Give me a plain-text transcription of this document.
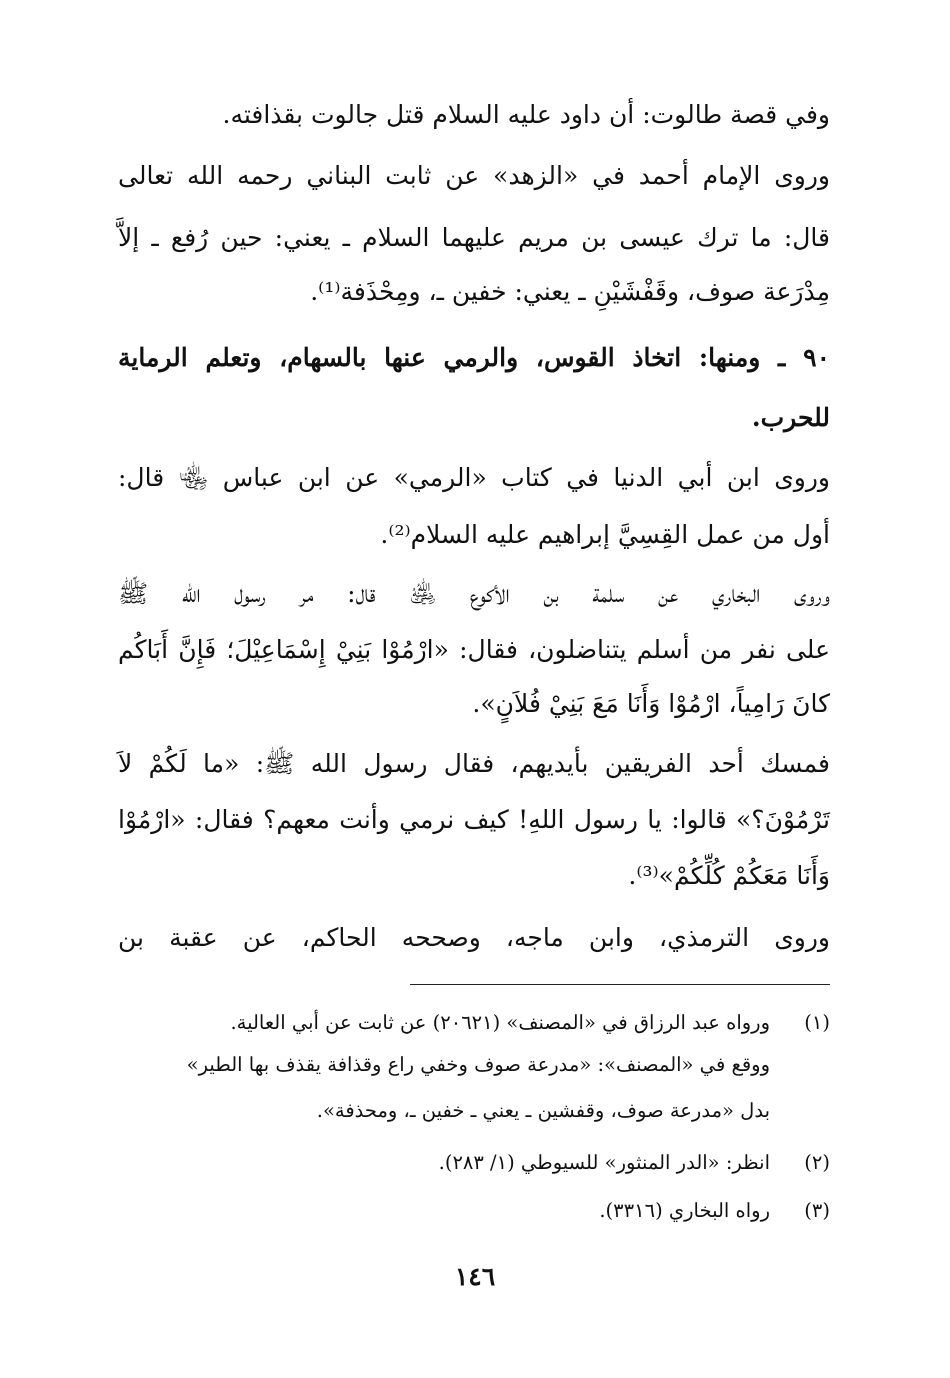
وفي قصة طالوت: أن داود عليه السلام قتل جالوت بقذافته.
وروى الإمام أحمد في «الزهد» عن ثابت البناني رحمه الله تعالى
قال: ما ترك عيسى بن مريم عليهما السلام ـ يعني: حين رُفع ـ إلاَّ
مِدْرَعة صوف، وقَفْشَيْنِ ـ يعني: خفين ـ، ومِحْذَفة⁽¹⁾.
٩٠ ـ ومنها: اتخاذ القوس، والرمي عنها بالسهام، وتعلم الرماية
للحرب.
وروى ابن أبي الدنيا في كتاب «الرمي» عن ابن عباس ﵄ قال:
أول من عمل القِسِيَّ إبراهيم عليه السلام⁽²⁾.
وروى البخاري عن سلمة بن الأكوع ﵁ قال: مر رسول الله ﷺ
على نفر من أسلم يتناضلون، فقال: «ارْمُوْا بَنِيْ إِسْمَاعِيْلَ؛ فَإِنَّ أَبَاكُم
كانَ رَامِياً، ارْمُوْا وَأَنَا مَعَ بَنِيْ فُلاَنٍ».
فمسك أحد الفريقين بأيديهم، فقال رسول الله ﷺ: «ما لَكُمْ لاَ
تَرْمُوْنَ؟» قالوا: يا رسول اللهِ! كيف نرمي وأنت معهم؟ فقال: «ارْمُوْا
وَأَنَا مَعَكُمْ كُلِّكُمْ»⁽³⁾.
وروى الترمذي، وابن ماجه، وصححه الحاكم، عن عقبة بن
(١)ورواه عبد الرزاق في «المصنف» (٢٠٦٢١) عن ثابت عن أبي العالية.
ووقع في «المصنف»: «مدرعة صوف وخفي راع وقذافة يقذف بها الطير»
بدل «مدرعة صوف، وقفشين ـ يعني ـ خفين ـ، ومحذفة».
(٢)انظر: «الدر المنثور» للسيوطي (١/ ٢٨٣).
(٣)رواه البخاري (٣٣١٦).
١٤٦
